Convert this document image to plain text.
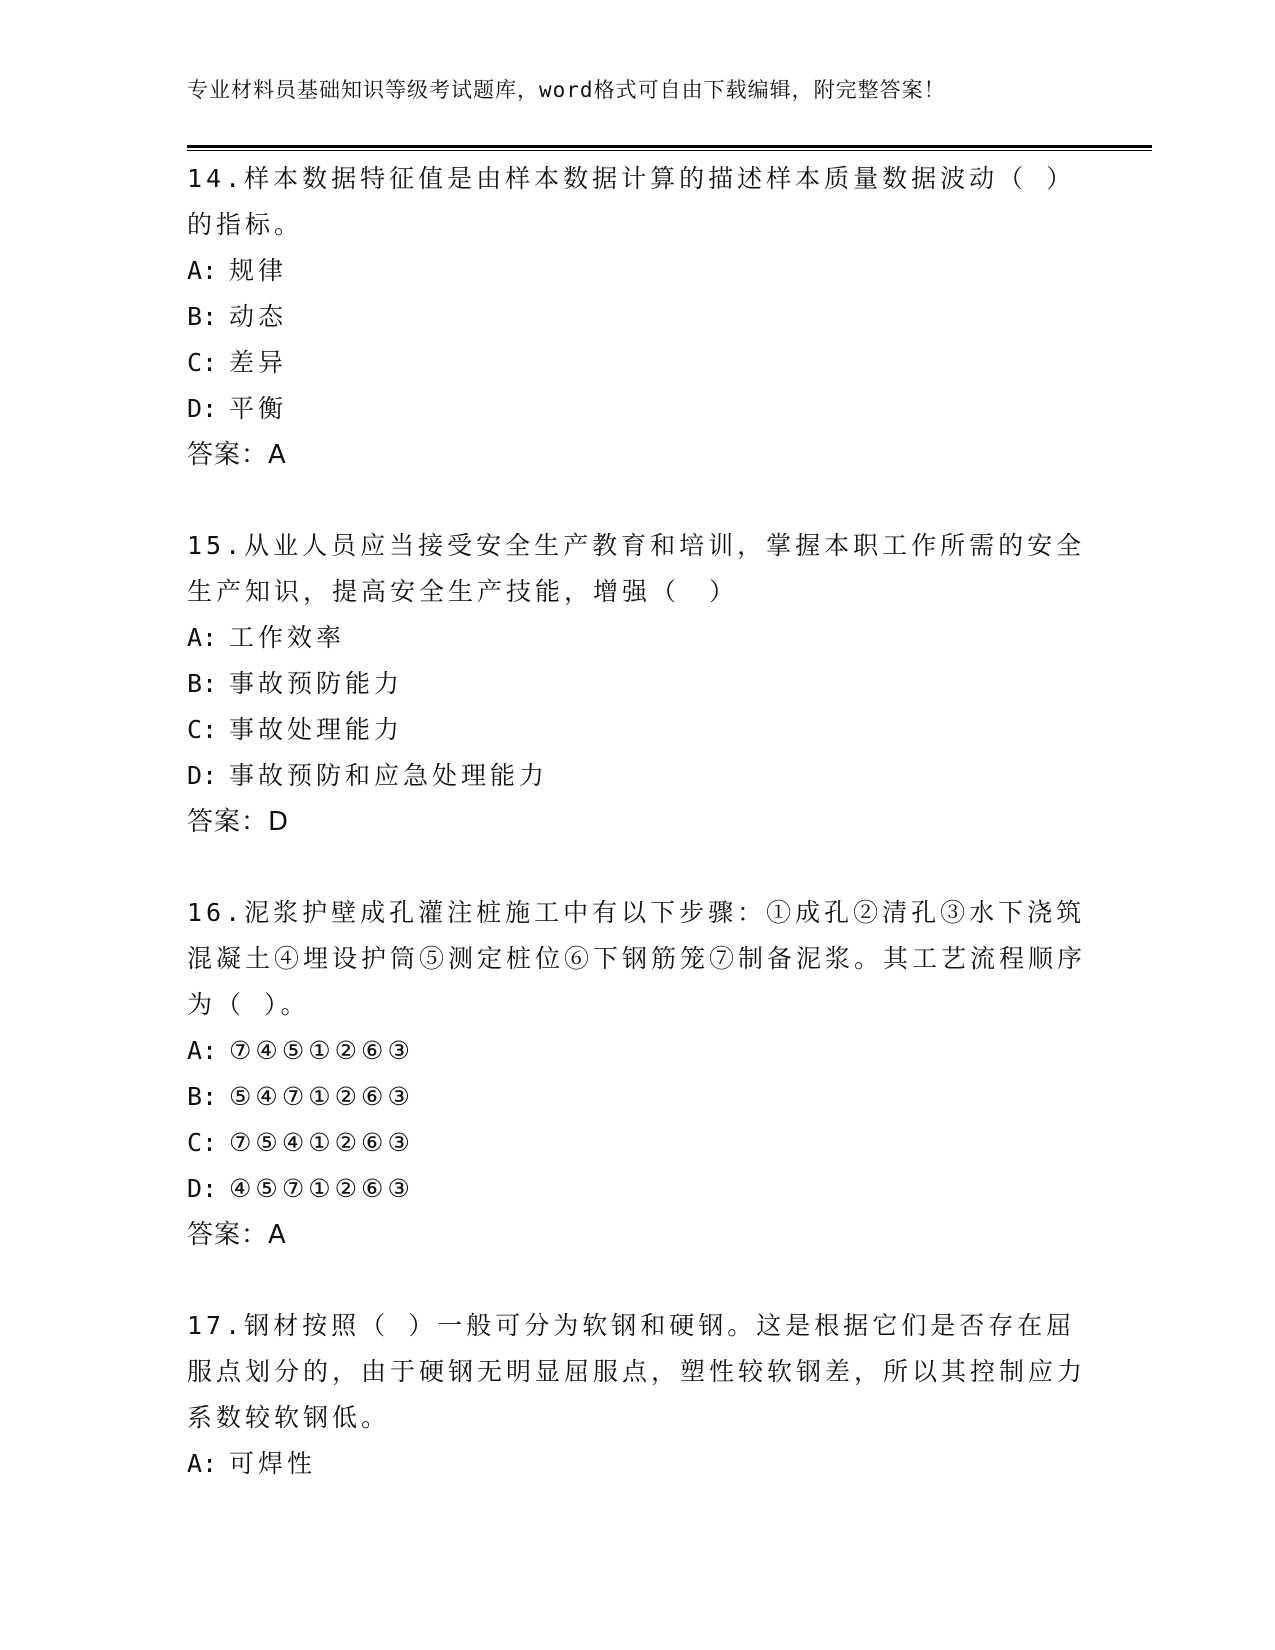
专业材料员基础知识等级考试题库，word格式可自由下载编辑，附完整答案！

14.样本数据特征值是由样本数据计算的描述样本质量数据波动（ ）的指标。

A: 规律

B: 动态

C: 差异

D: 平衡

答案：A

15.从业人员应当接受安全生产教育和培训，掌握本职工作所需的安全生产知识，提高安全生产技能，增强（　）

A: 工作效率

B: 事故预防能力

C: 事故处理能力

D: 事故预防和应急处理能力

答案：D

16.泥浆护壁成孔灌注桩施工中有以下步骤：①成孔②清孔③水下浇筑混凝土④埋设护筒⑤测定桩位⑥下钢筋笼⑦制备泥浆。其工艺流程顺序为（ ）。

A: ⑦④⑤①②⑥③

B: ⑤④⑦①②⑥③

C: ⑦⑤④①②⑥③

D: ④⑤⑦①②⑥③

答案：A

17.钢材按照（ ）一般可分为软钢和硬钢。这是根据它们是否存在屈服点划分的，由于硬钢无明显屈服点，塑性较软钢差，所以其控制应力系数较软钢低。

A: 可焊性
